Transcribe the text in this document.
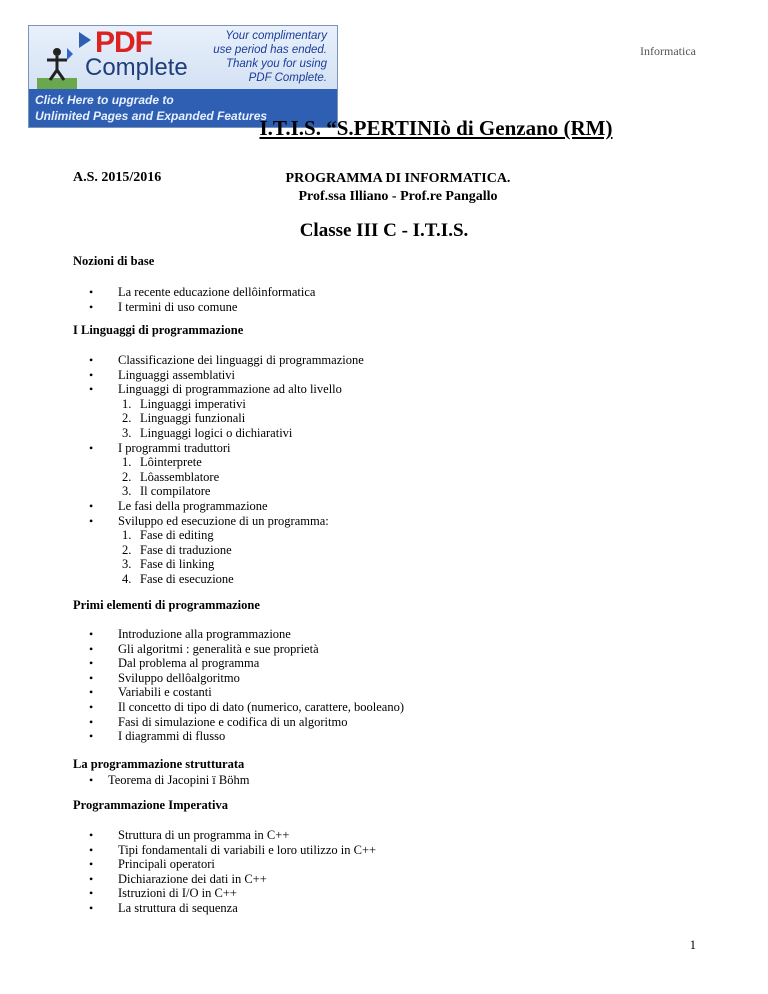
PDF
Complete
Your complimentary
use period has ended.
Thank you for using
PDF Complete.
Click Here to upgrade to
Unlimited Pages and Expanded Features
Informatica
I.T.I.S. “S.PERTINIò di Genzano (RM)
A.S. 2015/2016	PROGRAMMA DI INFORMATICA.
Prof.ssa Illiano - Prof.re Pangallo
Classe III C - I.T.I.S.
Nozioni di base
• La recente educazione dellôinformatica
• I termini di uso comune
I Linguaggi di programmazione
• Classificazione dei linguaggi di programmazione
• Linguaggi assemblativi
• Linguaggi di programmazione ad alto livello
1. Linguaggi imperativi
2. Linguaggi funzionali
3. Linguaggi logici o dichiarativi
• I programmi traduttori
1. Lôinterprete
2. Lôassemblatore
3. Il compilatore
• Le fasi della programmazione
• Sviluppo ed esecuzione di un programma:
1. Fase di editing
2. Fase di traduzione
3. Fase di linking
4. Fase di esecuzione
Primi elementi di programmazione
• Introduzione alla programmazione
• Gli algoritmi : generalità e sue proprietà
• Dal problema al programma
• Sviluppo dellôalgoritmo
• Variabili e costanti
• Il concetto di tipo di dato (numerico, carattere, booleano)
• Fasi di simulazione e codifica di un algoritmo
• I diagrammi di flusso
La programmazione strutturata
• Teorema di Jacopini ï Böhm
Programmazione Imperativa
• Struttura di un programma in C++
• Tipi fondamentali di variabili e loro utilizzo in C++
• Principali operatori
• Dichiarazione dei dati in C++
• Istruzioni di I/O in C++
• La struttura di sequenza
1
